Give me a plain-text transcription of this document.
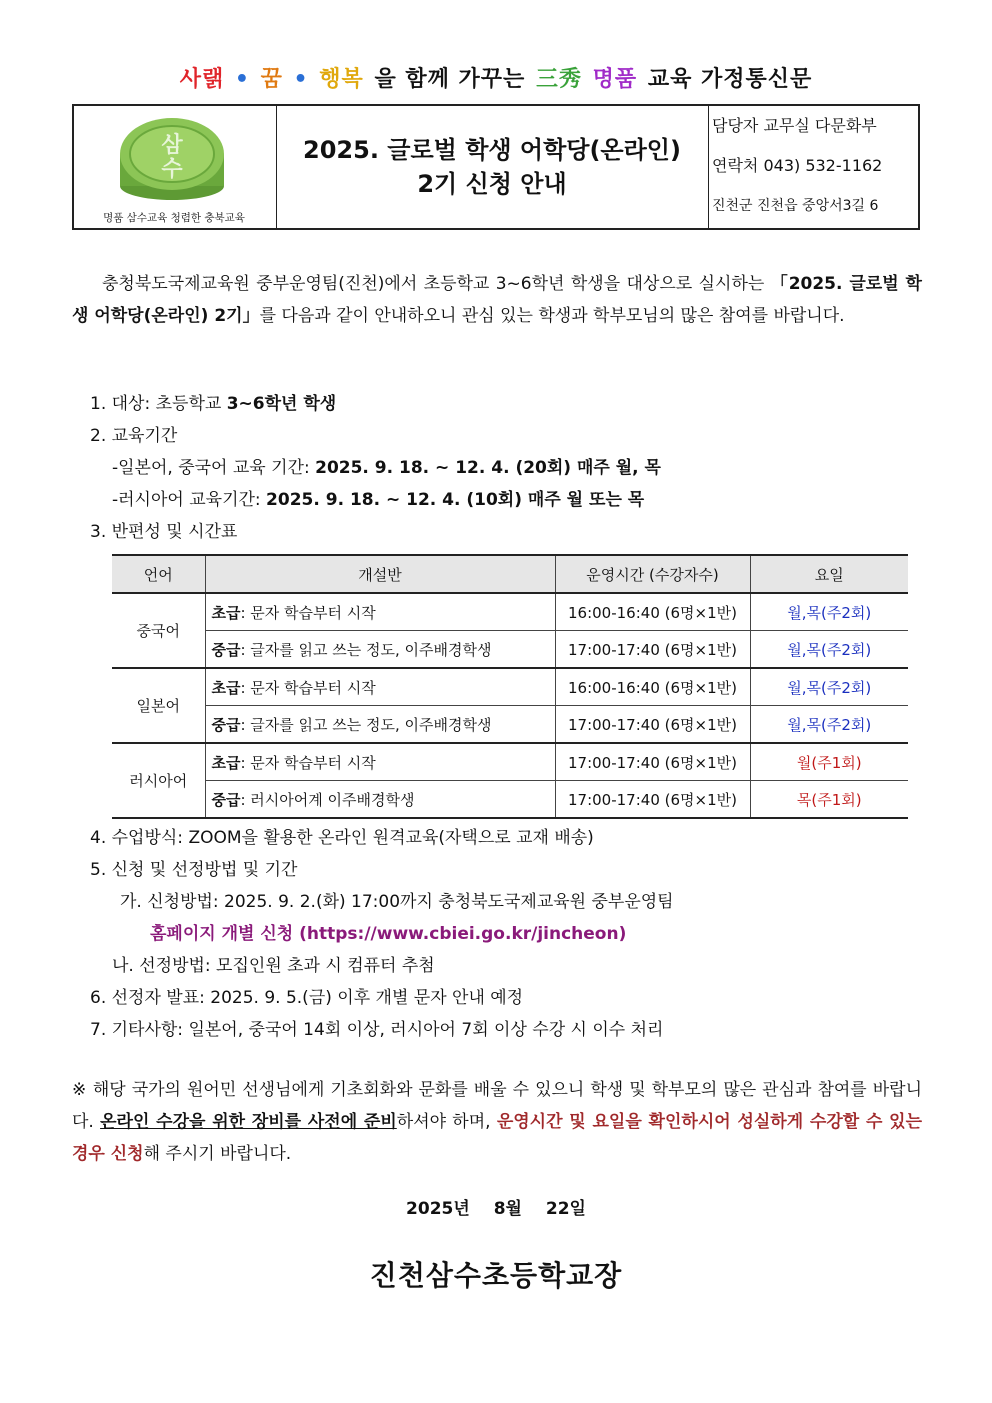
사랡 • 꿈 • 행복 을 함께 가꾸는 三秀 명품 교육 가정통신문
삼
수
명품 삼수교육 청렴한 충북교육
2025. 글로벌 학생 어학당(온라인)
2기 신청 안내
담당자 교무실 다문화부
연락처 043) 532-1162
진천군 진천읍 중앙서3길 6
충청북도국제교육원 중부운영팀(진천)에서 초등학교 3~6학년 학생을 대상으로 실시하는 「2025. 글로벌 학생 어학당(온라인) 2기」를 다음과 같이 안내하오니 관심 있는 학생과 학부모님의 많은 참여를 바랍니다.
1. 대상: 초등학교 3~6학년 학생
2. 교육기간
-일본어, 중국어 교육 기간: 2025. 9. 18. ~ 12. 4. (20회) 매주 월, 목
-러시아어 교육기간: 2025. 9. 18. ~ 12. 4. (10회) 매주 월 또는 목
3. 반편성 및 시간표
언어	개설반	운영시간 (수강자수)	요일
중국어	초급: 문자 학습부터 시작	16:00-16:40 (6명×1반)	월,목(주2회)
	중급: 글자를 읽고 쓰는 정도, 이주배경학생	17:00-17:40 (6명×1반)	월,목(주2회)
일본어	초급: 문자 학습부터 시작	16:00-16:40 (6명×1반)	월,목(주2회)
	중급: 글자를 읽고 쓰는 정도, 이주배경학생	17:00-17:40 (6명×1반)	월,목(주2회)
러시아어	초급: 문자 학습부터 시작	17:00-17:40 (6명×1반)	월(주1회)
	중급: 러시아어계 이주배경학생	17:00-17:40 (6명×1반)	목(주1회)
4. 수업방식: ZOOM을 활용한 온라인 원격교육(자택으로 교재 배송)
5. 신청 및 선정방법 및 기간
가. 신청방법: 2025. 9. 2.(화) 17:00까지 충청북도국제교육원 중부운영팀
홈페이지 개별 신청 (https://www.cbiei.go.kr/jincheon)
나. 선정방법: 모집인원 초과 시 컴퓨터 추첨
6. 선정자 발표: 2025. 9. 5.(금) 이후 개별 문자 안내 예정
7. 기타사항: 일본어, 중국어 14회 이상, 러시아어 7회 이상 수강 시 이수 처리
※ 해당 국가의 원어민 선생님에게 기초회화와 문화를 배울 수 있으니 학생 및 학부모의 많은 관심과 참여를 바랍니다. 온라인 수강을 위한 장비를 사전에 준비하셔야 하며, 운영시간 및 요일을 확인하시어 성실하게 수강할 수 있는 경우 신청해 주시기 바랍니다.
2025년 8월 22일
진천삼수초등학교장
